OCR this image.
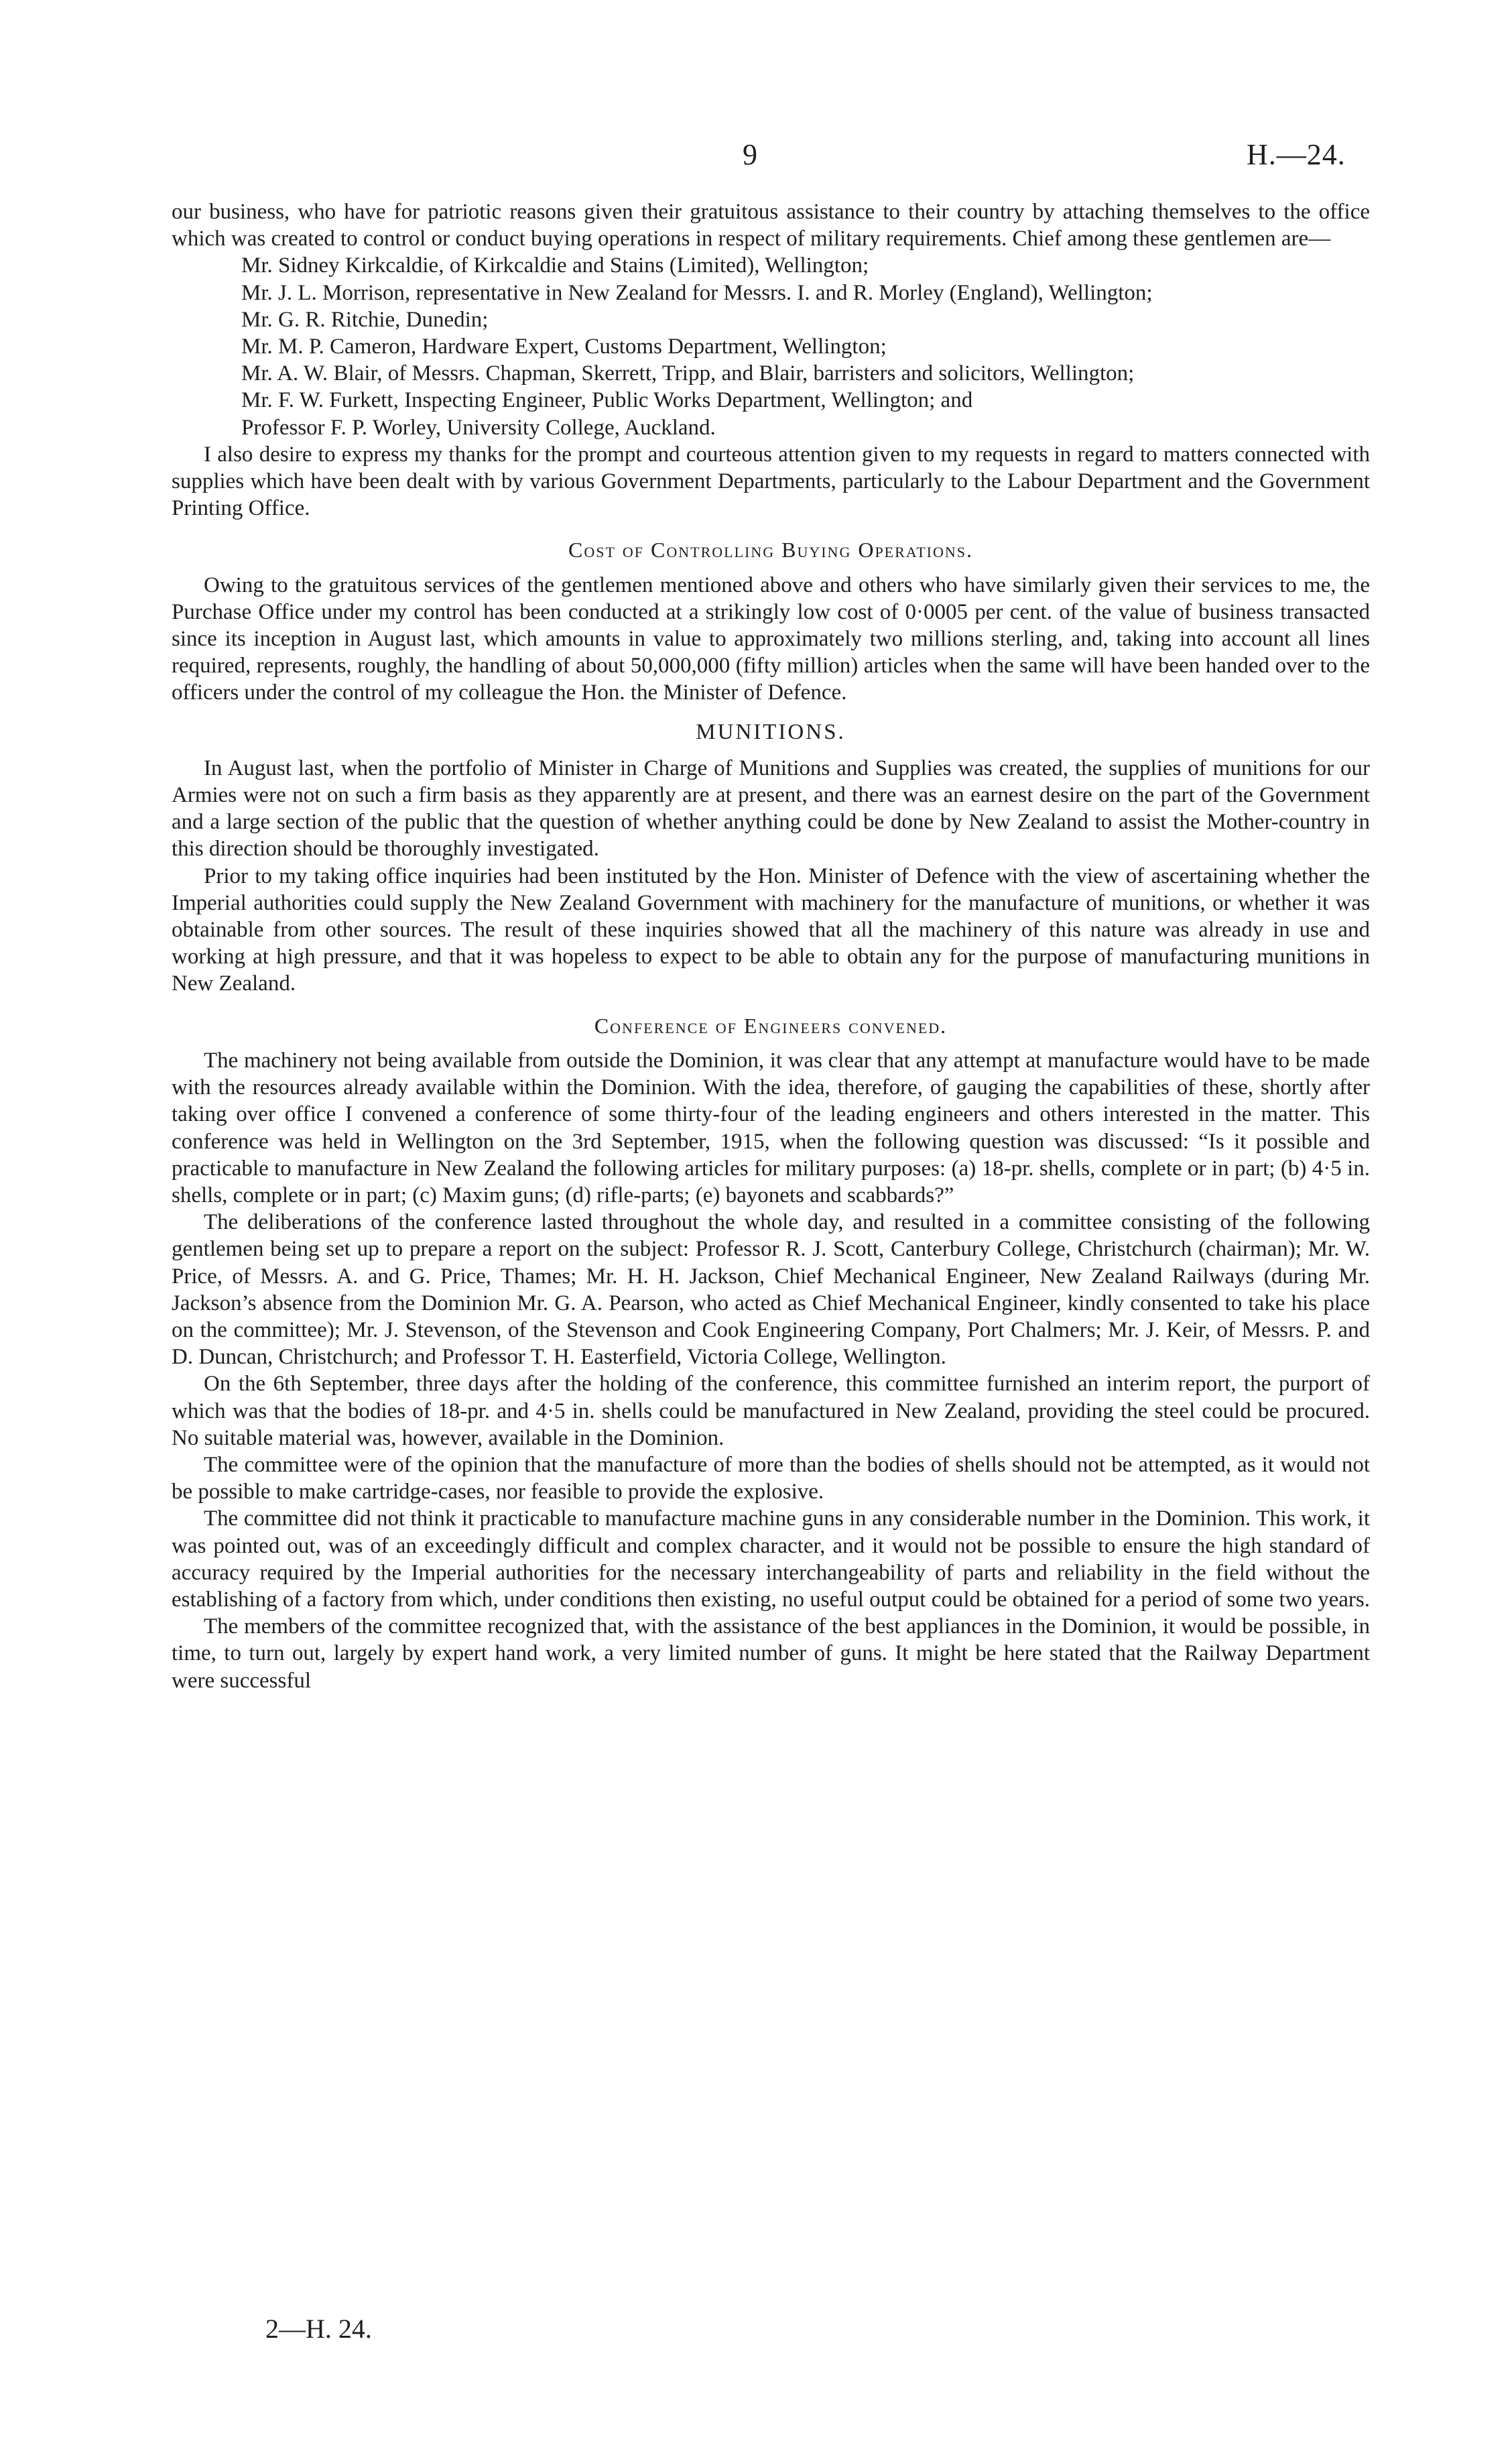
9	H.—24.

our business, who have for patriotic reasons given their gratuitous assistance to their country by attaching themselves to the office which was created to control or conduct buying operations in respect of military requirements. Chief among these gentlemen are—

Mr. Sidney Kirkcaldie, of Kirkcaldie and Stains (Limited), Wellington;
Mr. J. L. Morrison, representative in New Zealand for Messrs. I. and R. Morley (England), Wellington;
Mr. G. R. Ritchie, Dunedin;
Mr. M. P. Cameron, Hardware Expert, Customs Department, Wellington;
Mr. A. W. Blair, of Messrs. Chapman, Skerrett, Tripp, and Blair, barristers and solicitors, Wellington;
Mr. F. W. Furkett, Inspecting Engineer, Public Works Department, Wellington; and
Professor F. P. Worley, University College, Auckland.

I also desire to express my thanks for the prompt and courteous attention given to my requests in regard to matters connected with supplies which have been dealt with by various Government Departments, particularly to the Labour Department and the Government Printing Office.

Cost of Controlling Buying Operations.

Owing to the gratuitous services of the gentlemen mentioned above and others who have similarly given their services to me, the Purchase Office under my control has been conducted at a strikingly low cost of 0·0005 per cent. of the value of business transacted since its inception in August last, which amounts in value to approximately two millions sterling, and, taking into account all lines required, represents, roughly, the handling of about 50,000,000 (fifty million) articles when the same will have been handed over to the officers under the control of my colleague the Hon. the Minister of Defence.

MUNITIONS.

In August last, when the portfolio of Minister in Charge of Munitions and Supplies was created, the supplies of munitions for our Armies were not on such a firm basis as they apparently are at present, and there was an earnest desire on the part of the Government and a large section of the public that the question of whether anything could be done by New Zealand to assist the Mother-country in this direction should be thoroughly investigated.

Prior to my taking office inquiries had been instituted by the Hon. Minister of Defence with the view of ascertaining whether the Imperial authorities could supply the New Zealand Government with machinery for the manufacture of munitions, or whether it was obtainable from other sources. The result of these inquiries showed that all the machinery of this nature was already in use and working at high pressure, and that it was hopeless to expect to be able to obtain any for the purpose of manufacturing munitions in New Zealand.

Conference of Engineers convened.

The machinery not being available from outside the Dominion, it was clear that any attempt at manufacture would have to be made with the resources already available within the Dominion. With the idea, therefore, of gauging the capabilities of these, shortly after taking over office I convened a conference of some thirty-four of the leading engineers and others interested in the matter. This conference was held in Wellington on the 3rd September, 1915, when the following question was discussed: “Is it possible and practicable to manufacture in New Zealand the following articles for military purposes: (a) 18-pr. shells, complete or in part; (b) 4·5 in. shells, complete or in part; (c) Maxim guns; (d) rifle-parts; (e) bayonets and scabbards?”

The deliberations of the conference lasted throughout the whole day, and resulted in a committee consisting of the following gentlemen being set up to prepare a report on the subject: Professor R. J. Scott, Canterbury College, Christchurch (chairman); Mr. W. Price, of Messrs. A. and G. Price, Thames; Mr. H. H. Jackson, Chief Mechanical Engineer, New Zealand Railways (during Mr. Jackson’s absence from the Dominion Mr. G. A. Pearson, who acted as Chief Mechanical Engineer, kindly consented to take his place on the committee); Mr. J. Stevenson, of the Stevenson and Cook Engineering Company, Port Chalmers; Mr. J. Keir, of Messrs. P. and D. Duncan, Christchurch; and Professor T. H. Easterfield, Victoria College, Wellington.

On the 6th September, three days after the holding of the conference, this committee furnished an interim report, the purport of which was that the bodies of 18-pr. and 4·5 in. shells could be manufactured in New Zealand, providing the steel could be procured. No suitable material was, however, available in the Dominion.

The committee were of the opinion that the manufacture of more than the bodies of shells should not be attempted, as it would not be possible to make cartridge-cases, nor feasible to provide the explosive.

The committee did not think it practicable to manufacture machine guns in any considerable number in the Dominion. This work, it was pointed out, was of an exceedingly difficult and complex character, and it would not be possible to ensure the high standard of accuracy required by the Imperial authorities for the necessary interchangeability of parts and reliability in the field without the establishing of a factory from which, under conditions then existing, no useful output could be obtained for a period of some two years.

The members of the committee recognized that, with the assistance of the best appliances in the Dominion, it would be possible, in time, to turn out, largely by expert hand work, a very limited number of guns. It might be here stated that the Railway Department were successful

2—H. 24.
